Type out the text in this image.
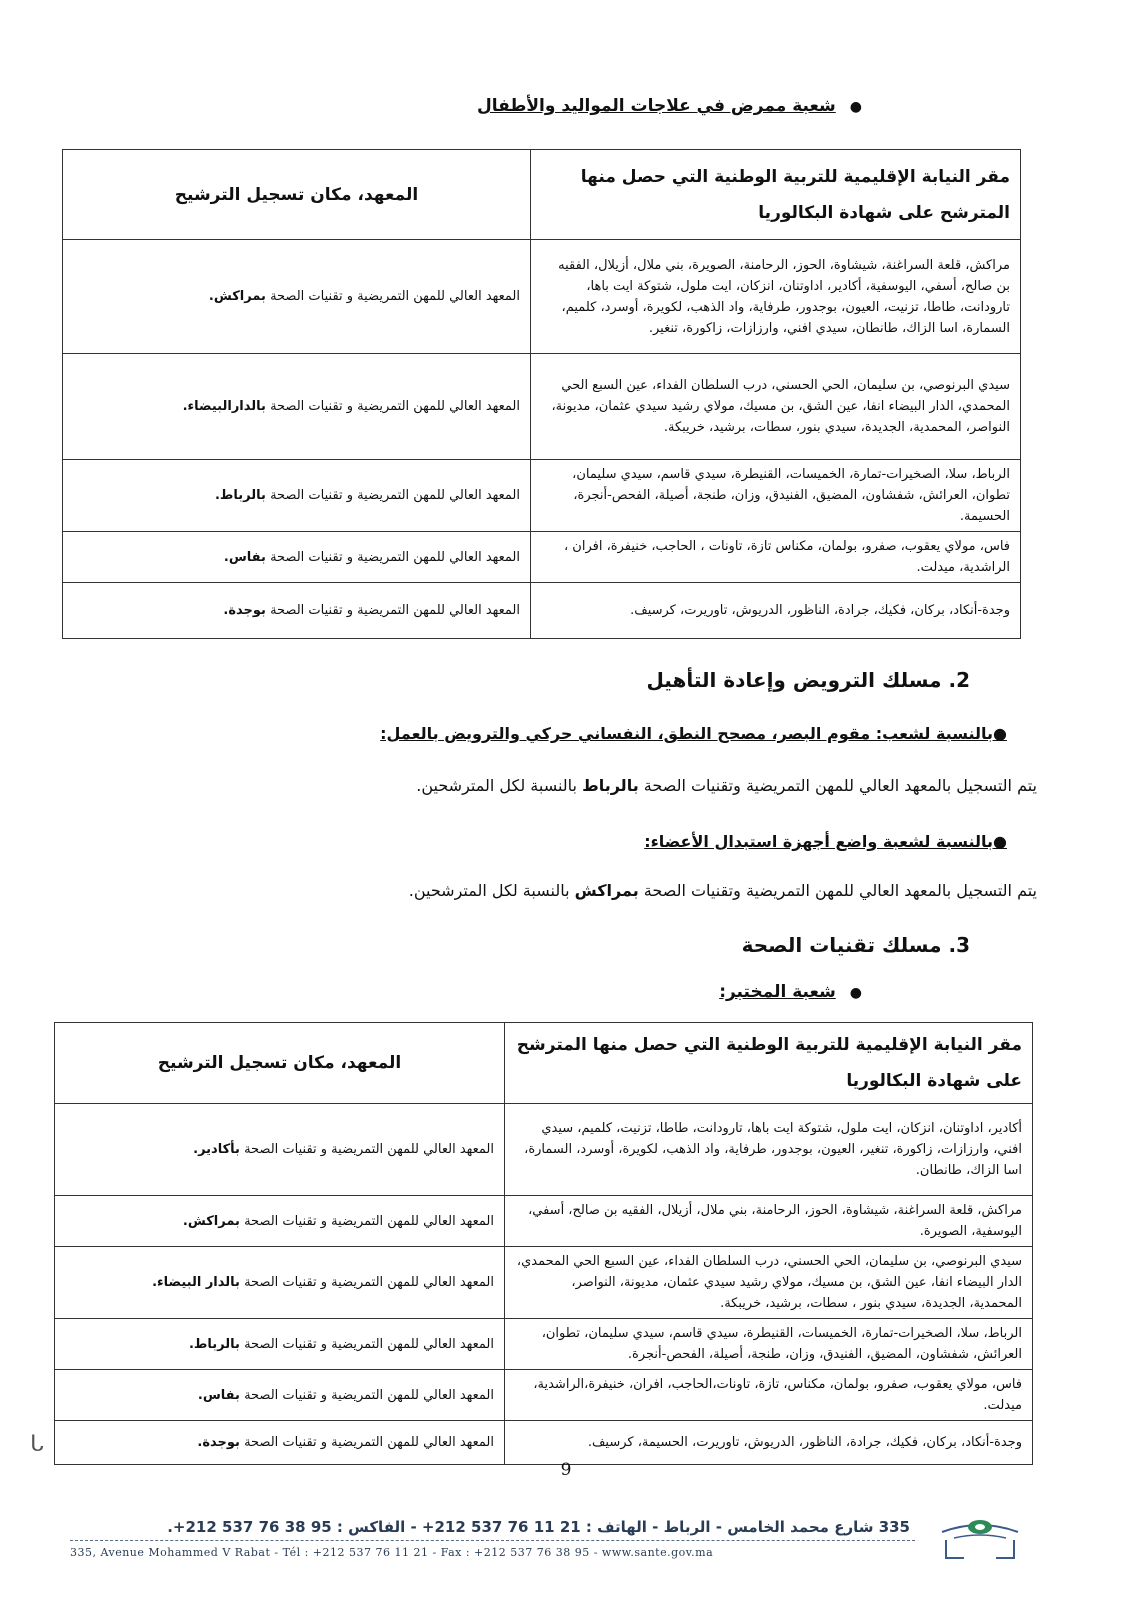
●شعبة ممرض في علاجات المواليد والأطفال
مقر النيابة الإقليمية للتربية الوطنية التي حصل منها المترشح على شهادة البكالوريا	المعهد، مكان تسجيل الترشيح
مراكش، قلعة السراغنة، شيشاوة، الحوز، الرحامنة، الصويرة، بني ملال، أزيلال، الفقيه بن صالح، أسفي، اليوسفية، أكادير، اداوتنان، انزكان، ايت ملول، شتوكة ايت باها، تارودانت، طاطا، تزنيت، العيون، بوجدور، طرفاية، واد الذهب، لكويرة، أوسرد، كلميم، السمارة، اسا الزاك، طانطان، سيدي افني، وارزازات، زاكورة، تنغير.	المعهد العالي للمهن التمريضية و تقنيات الصحة بمراكش.
سيدي البرنوصي، بن سليمان، الحي الحسني، درب السلطان الفداء، عين السبع الحي المحمدي، الدار البيضاء انفا، عين الشق، بن مسيك، مولاي رشيد سيدي عثمان، مديونة، النواصر، المحمدية، الجديدة، سيدي بنور، سطات، برشيد، خريبكة.	المعهد العالي للمهن التمريضية و تقنيات الصحة بالدارالبيضاء.
الرباط، سلا، الصخيرات-تمارة، الخميسات، القنيطرة، سيدي قاسم، سيدي سليمان، تطوان، العرائش، شفشاون، المضيق، الفنيدق، وزان، طنجة، أصيلة، الفحص-أنجرة، الحسيمة.	المعهد العالي للمهن التمريضية و تقنيات الصحة بالرباط.
فاس، مولاي يعقوب، صفرو، بولمان، مكناس تازة، تاونات ، الحاجب، خنيفرة، افران ، الراشدية، ميدلت.	المعهد العالي للمهن التمريضية و تقنيات الصحة بفاس.
وجدة-أنكاد، بركان، فكيك، جرادة، الناظور، الدريوش، تاوريرت، كرسيف.	المعهد العالي للمهن التمريضية و تقنيات الصحة بوجدة.
2. مسلك الترويض وإعادة التأهيل
●بالنسبة لشعب: مقوم البصر، مصحح النطق، النفساني حركي والترويض بالعمل:
يتم التسجيل بالمعهد العالي للمهن التمريضية وتقنيات الصحة بالرباط بالنسبة لكل المترشحين.
●بالنسبة لشعبة واضع أجهزة استبدال الأعضاء:
يتم التسجيل بالمعهد العالي للمهن التمريضية وتقنيات الصحة بمراكش بالنسبة لكل المترشحين.
3. مسلك تقنيات الصحة
●شعبة المختبر:
مقر النيابة الإقليمية للتربية الوطنية التي حصل منها المترشح على شهادة البكالوريا	المعهد، مكان تسجيل الترشيح
أكادير، اداوتنان، انزكان، ايت ملول، شتوكة ايت باها، تارودانت، طاطا، تزنيت، كلميم، سيدي افني، وارزازات، زاكورة، تنغير، العيون، بوجدور، طرفاية، واد الذهب، لكويرة، أوسرد، السمارة، اسا الزاك، طانطان.	المعهد العالي للمهن التمريضية و تقنيات الصحة بأكادير.
مراكش، قلعة السراغنة، شيشاوة، الحوز، الرحامنة، بني ملال، أزيلال، الفقيه بن صالح، أسفي، اليوسفية، الصويرة.	المعهد العالي للمهن التمريضية و تقنيات الصحة بمراكش.
سيدي البرنوصي، بن سليمان، الحي الحسني، درب السلطان الفداء، عين السبع الحي المحمدي، الدار البيضاء انفا، عين الشق، بن مسيك، مولاي رشيد سيدي عثمان، مديونة، النواصر، المحمدية، الجديدة، سيدي بنور ، سطات، برشيد، خريبكة.	المعهد العالي للمهن التمريضية و تقنيات الصحة بالدار البيضاء.
الرباط، سلا، الصخيرات-تمارة، الخميسات، القنيطرة، سيدي قاسم، سيدي سليمان، تطوان، العرائش، شفشاون، المضيق، الفنيدق، وزان، طنجة، أصيلة، الفحص-أنجرة.	المعهد العالي للمهن التمريضية و تقنيات الصحة بالرباط.
فاس، مولاي يعقوب، صفرو، بولمان، مكناس، تازة، تاونات،الحاجب، افران، خنيفرة،الراشدية، ميدلت.	المعهد العالي للمهن التمريضية و تقنيات الصحة بفاس.
وجدة-أنكاد، بركان، فكيك، جرادة، الناظور، الدريوش، تاوريرت، الحسيمة، كرسيف.	المعهد العالي للمهن التمريضية و تقنيات الصحة بوجدة.
ᒐ
9
335 شارع محمد الخامس - الرباط - الهاتف : 21 11 76 537 212+ - الفاكس : 95 38 76 537 212+.
335, Avenue Mohammed V Rabat - Tél : +212 537 76 11 21 - Fax : +212 537 76 38 95 - www.sante.gov.ma
